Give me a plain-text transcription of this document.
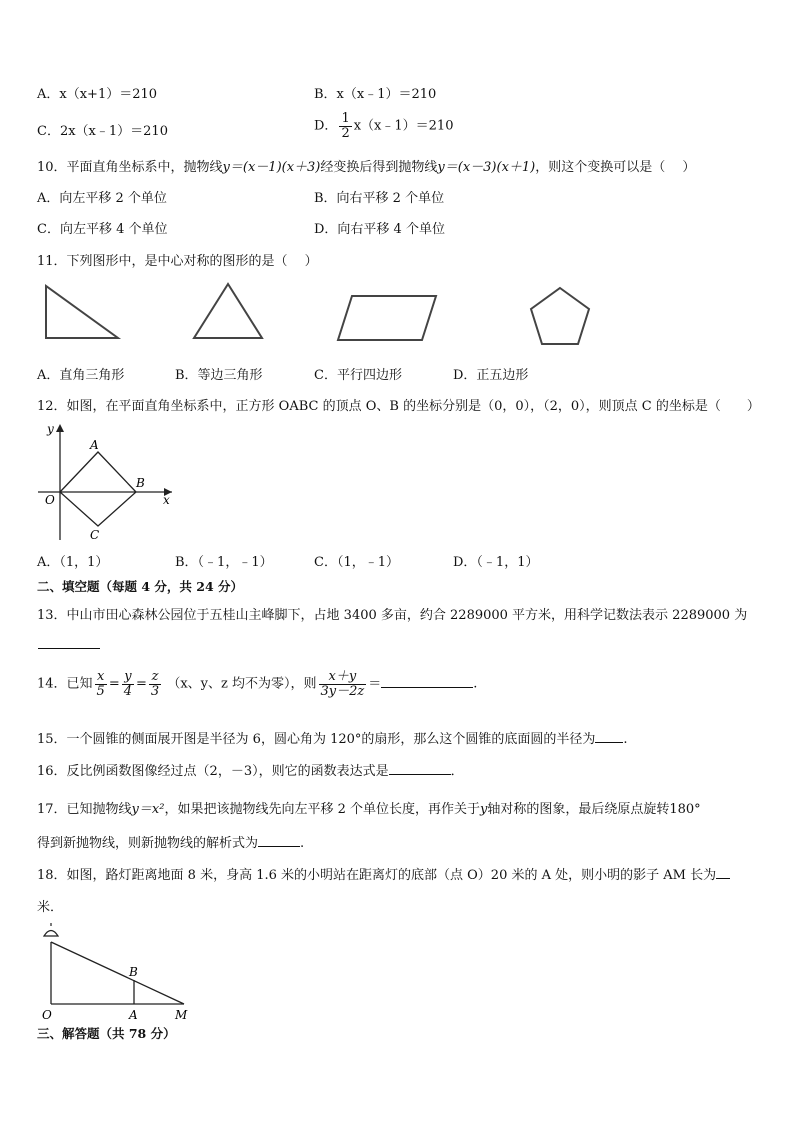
A．x（x+1）＝210	B．x（x﹣1）＝210
C．2x（x﹣1）＝210	D． $\frac{1}{2}$ x（x﹣1）＝210
10．平面直角坐标系中，抛物线y＝(x－1)(x＋3)经变换后得到抛物线y＝(x－3)(x＋1)，则这个变换可以是（　 ）
A．向左平移 2 个单位	B．向右平移 2 个单位
C．向左平移 4 个单位	D．向右平移 4 个单位
11．下列图形中，是中心对称的图形的是（　 ）
A．直角三角形	B．等边三角形	C．平行四边形	D．正五边形
12．如图，在平面直角坐标系中，正方形 OABC 的顶点 O、B 的坐标分别是（0，0），（2，0），则顶点 C 的坐标是（　　）
y
A
B
x
O
C
A．（1，1）	B．（﹣1，﹣1）	C．（1，﹣1）	D．（﹣1，1）
二、填空题（每题 4 分，共 24 分）
13．中山市田心森林公园位于五桂山主峰脚下，占地 3400 多亩，约合 2289000 平方米，用科学记数法表示 2289000 为
14．已知 $\frac{x}{5} = \frac{y}{4} = \frac{z}{3} (x$、y、z 均不为零），则 $\frac{x+y}{3y-2z}$ ＝	.
15．一个圆锥的侧面展开图是半径为 6，圆心角为 120°的扇形，那么这个圆锥的底面圆的半径为 .
16．反比例函数图像经过点（2，－3），则它的函数表达式是	．
17．已知抛物线y＝x²，如果把该抛物线先向左平移 2 个单位长度，再作关于y轴对称的图象，最后绕原点旋转180°
得到新抛物线，则新抛物线的解析式为	.
18．如图，路灯距离地面 8 米，身高 1.6 米的小明站在距离灯的底部（点 O）20 米的 A 处，则小明的影子 AM 长为
米．
B
O	A	M
三、解答题（共 78 分）
